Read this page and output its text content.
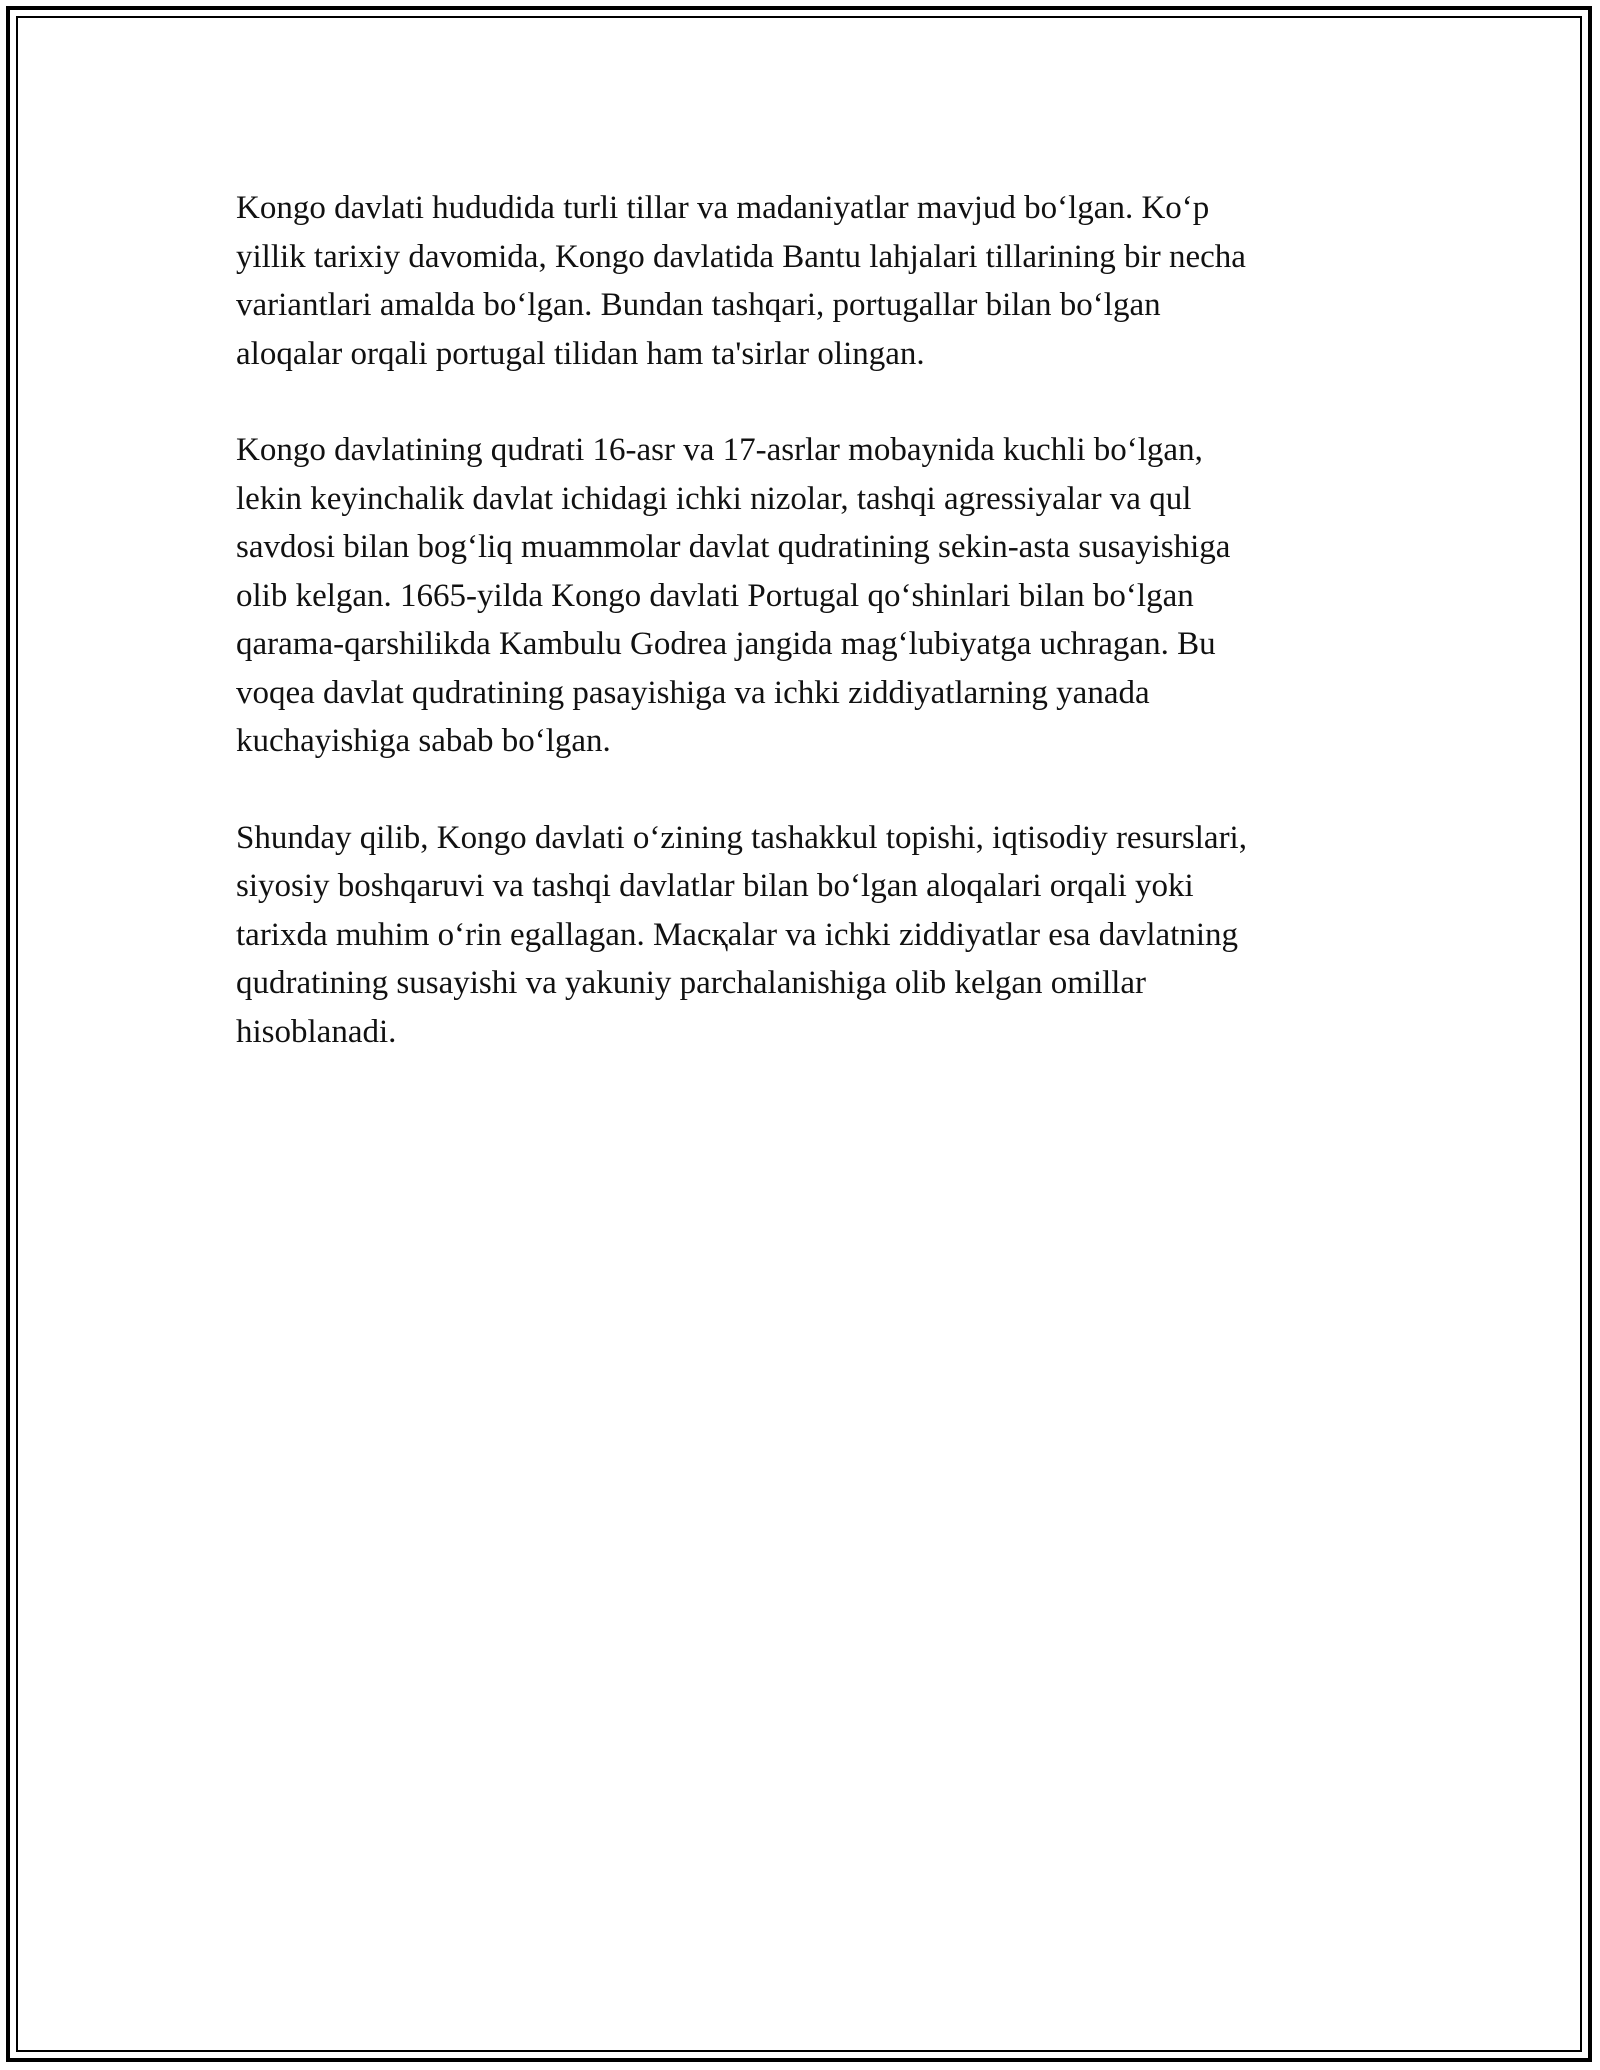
Kongo davlati hududida turli tillar va madaniyatlar mavjud bo‘lgan. Ko‘p
yillik tarixiy davomida, Kongo davlatida Bantu lahjalari tillarining bir necha
variantlari amalda bo‘lgan. Bundan tashqari, portugallar bilan bo‘lgan
aloqalar orqali portugal tilidan ham ta'sirlar olingan.

Kongo davlatining qudrati 16-asr va 17-asrlar mobaynida kuchli bo‘lgan,
lekin keyinchalik davlat ichidagi ichki nizolar, tashqi agressiyalar va qul
savdosi bilan bog‘liq muammolar davlat qudratining sekin-asta susayishiga
olib kelgan. 1665-yilda Kongo davlati Portugal qo‘shinlari bilan bo‘lgan
qarama-qarshilikda Kambulu Godrea jangida mag‘lubiyatga uchragan. Bu
voqea davlat qudratining pasayishiga va ichki ziddiyatlarning yanada
kuchayishiga sabab bo‘lgan.

Shunday qilib, Kongo davlati o‘zining tashakkul topishi, iqtisodiy resurslari,
siyosiy boshqaruvi va tashqi davlatlar bilan bo‘lgan aloqalari orqali yoki
tarixda muhim o‘rin egallagan. Масқalar va ichki ziddiyatlar esa davlatning
qudratining susayishi va yakuniy parchalanishiga olib kelgan omillar
hisoblanadi.
